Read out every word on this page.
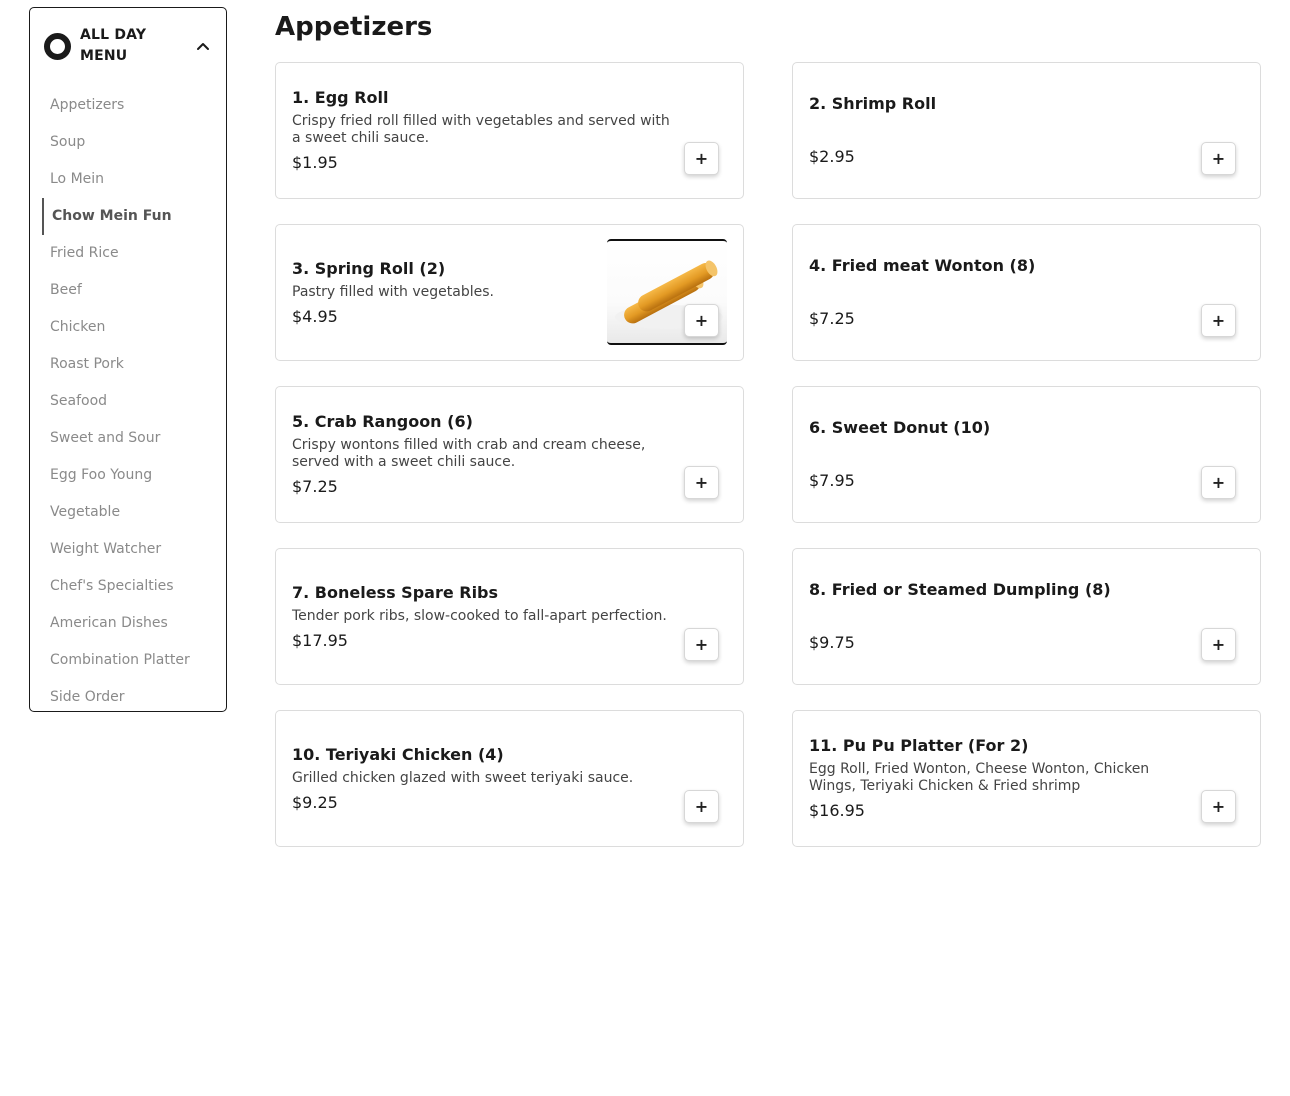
ALL DAY MENU
Appetizers
Soup
Lo Mein
Chow Mein Fun
Fried Rice
Beef
Chicken
Roast Pork
Seafood
Sweet and Sour
Egg Foo Young
Vegetable
Weight Watcher
Chef's Specialties
American Dishes
Combination Platter
Side Order
Appetizers
1. Egg Roll
Crispy fried roll filled with vegetables and served with a sweet chili sauce.
$1.95	+
2. Shrimp Roll
$2.95	+
3. Spring Roll (2)
Pastry filled with vegetables.
$4.95	+
4. Fried meat Wonton (8)
$7.25	+
5. Crab Rangoon (6)
Crispy wontons filled with crab and cream cheese, served with a sweet chili sauce.
$7.25	+
6. Sweet Donut (10)
$7.95	+
7. Boneless Spare Ribs
Tender pork ribs, slow-cooked to fall-apart perfection.
$17.95	+
8. Fried or Steamed Dumpling (8)
$9.75	+
10. Teriyaki Chicken (4)
Grilled chicken glazed with sweet teriyaki sauce.
$9.25	+
11. Pu Pu Platter (For 2)
Egg Roll, Fried Wonton, Cheese Wonton, Chicken Wings, Teriyaki Chicken & Fried shrimp
$16.95	+
